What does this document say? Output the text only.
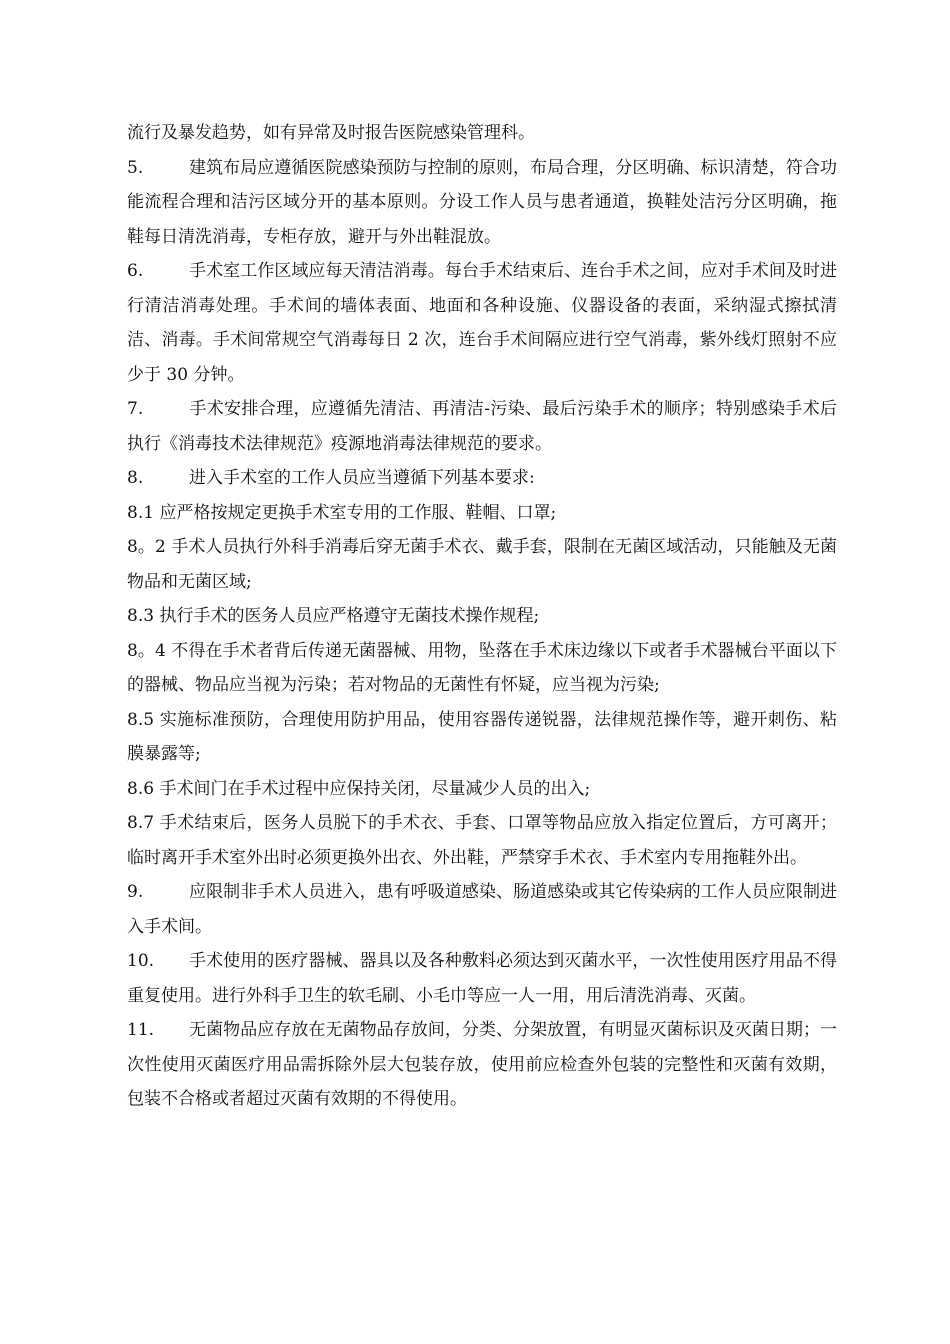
流行及暴发趋势，如有异常及时报告医院感染管理科。

5.	建筑布局应遵循医院感染预防与控制的原则，布局合理，分区明确、标识清楚，符合功能流程合理和洁污区域分开的基本原则。分设工作人员与患者通道，换鞋处洁污分区明确，拖鞋每日清洗消毒，专柜存放，避开与外出鞋混放。

6.	手术室工作区域应每天清洁消毒。每台手术结束后、连台手术之间，应对手术间及时进行清洁消毒处理。手术间的墙体表面、地面和各种设施、仪器设备的表面，采纳湿式擦拭清洁、消毒。手术间常规空气消毒每日 2 次，连台手术间隔应进行空气消毒，紫外线灯照射不应少于 30 分钟。

7.	手术安排合理，应遵循先清洁、再清洁-污染、最后污染手术的顺序；特别感染手术后执行《消毒技术法律规范》疫源地消毒法律规范的要求。

8.	进入手术室的工作人员应当遵循下列基本要求:

8.1 应严格按规定更换手术室专用的工作服、鞋帽、口罩;

8。2 手术人员执行外科手消毒后穿无菌手术衣、戴手套，限制在无菌区域活动，只能触及无菌物品和无菌区域;

8.3 执行手术的医务人员应严格遵守无菌技术操作规程;

8。4 不得在手术者背后传递无菌器械、用物，坠落在手术床边缘以下或者手术器械台平面以下的器械、物品应当视为污染；若对物品的无菌性有怀疑，应当视为污染;

8.5 实施标准预防，合理使用防护用品，使用容器传递锐器，法律规范操作等，避开刺伤、粘膜暴露等;

8.6 手术间门在手术过程中应保持关闭，尽量减少人员的出入;

8.7 手术结束后，医务人员脱下的手术衣、手套、口罩等物品应放入指定位置后，方可离开；临时离开手术室外出时必须更换外出衣、外出鞋，严禁穿手术衣、手术室内专用拖鞋外出。

9.	应限制非手术人员进入，患有呼吸道感染、肠道感染或其它传染病的工作人员应限制进入手术间。

10. 手术使用的医疗器械、器具以及各种敷料必须达到灭菌水平，一次性使用医疗用品不得重复使用。进行外科手卫生的软毛刷、小毛巾等应一人一用，用后清洗消毒、灭菌。

11. 无菌物品应存放在无菌物品存放间，分类、分架放置，有明显灭菌标识及灭菌日期；一次性使用灭菌医疗用品需拆除外层大包装存放，使用前应检查外包装的完整性和灭菌有效期，包装不合格或者超过灭菌有效期的不得使用。
